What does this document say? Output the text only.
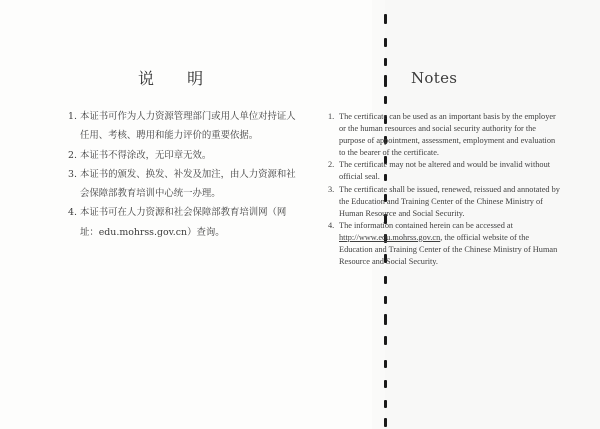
说 明
1. 本证书可作为人力资源管理部门或用人单位对持证人任用、考核、聘用和能力评价的重要依据。
2. 本证书不得涂改，无印章无效。
3. 本证书的颁发、换发、补发及加注，由人力资源和社会保障部教育培训中心统一办理。
4. 本证书可在人力资源和社会保障部教育培训网（网址：edu.mohrss.gov.cn）查询。
Notes
1. The certificate can be used as an important basis by the employer or the human resources and social security authority for the purpose of appointment, assessment, employment and evaluation to the bearer of the certificate.
2. The certificate may not be altered and would be invalid without official seal.
3. The certificate shall be issued, renewed, reissued and annotated by the Education and Training Center of the Chinese Ministry of Human Resource and Social Security.
4. The information contained herein can be accessed at http://www.edu.mohrss.gov.cn, the official website of the Education and Training Center of the Chinese Ministry of Human Resource and Social Security.
